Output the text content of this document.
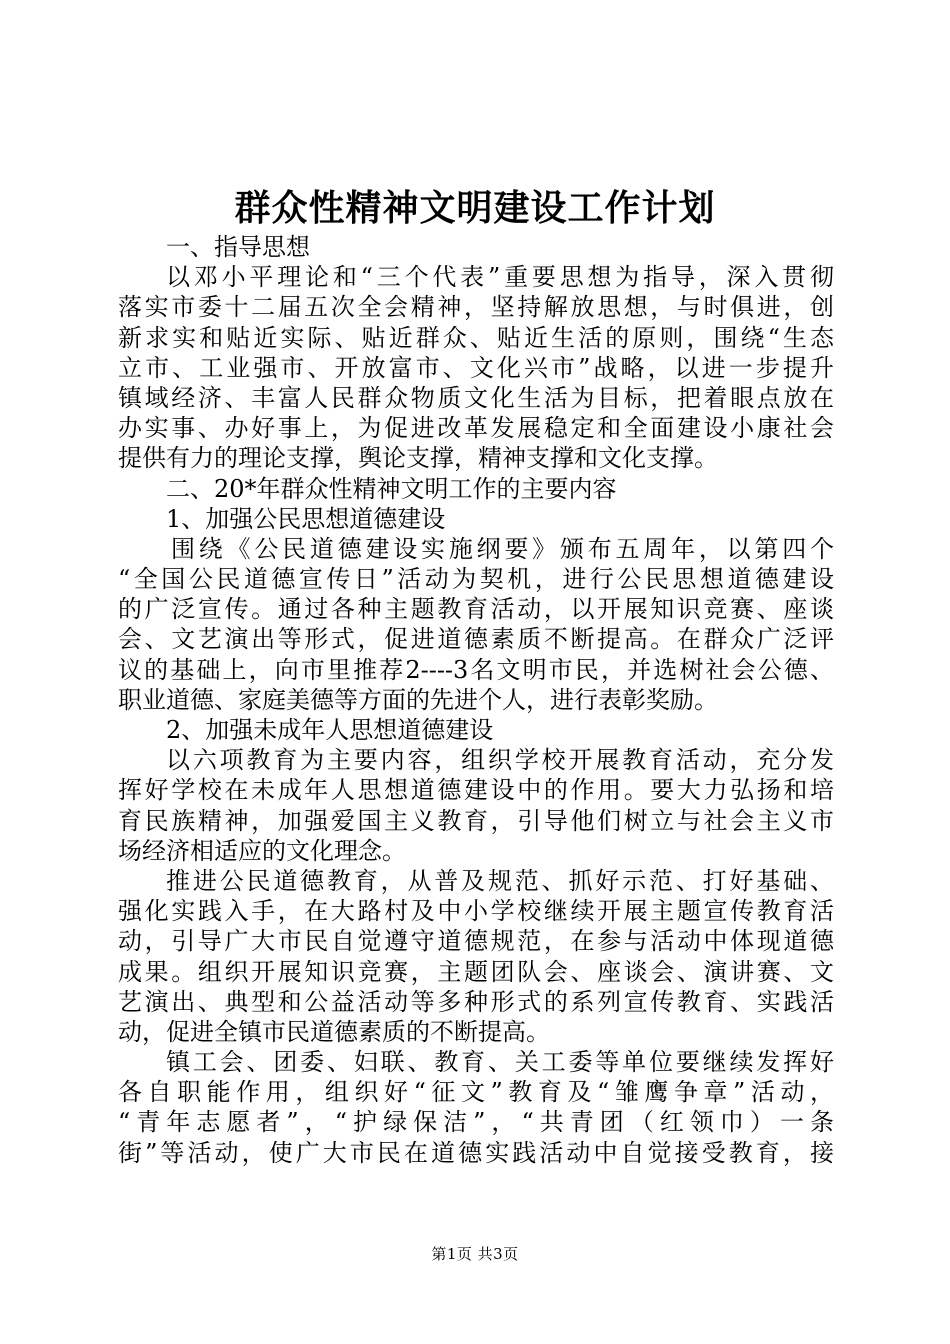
群众性精神文明建设工作计划
一、指导思想
以邓小平理论和“三个代表”重要思想为指导，深入贯彻
落实市委十二届五次全会精神，坚持解放思想，与时俱进，创
新求实和贴近实际、贴近群众、贴近生活的原则，围绕“生态
立市、工业强市、开放富市、文化兴市”战略，以进一步提升
镇域经济、丰富人民群众物质文化生活为目标，把着眼点放在
办实事、办好事上，为促进改革发展稳定和全面建设小康社会
提供有力的理论支撑，舆论支撑，精神支撑和文化支撑。
二、20*年群众性精神文明工作的主要内容
1、加强公民思想道德建设
围绕《公民道德建设实施纲要》颁布五周年，以第四个
“全国公民道德宣传日”活动为契机，进行公民思想道德建设
的广泛宣传。通过各种主题教育活动，以开展知识竞赛、座谈
会、文艺演出等形式，促进道德素质不断提高。在群众广泛评
议的基础上，向市里推荐2----3名文明市民，并选树社会公德、
职业道德、家庭美德等方面的先进个人，进行表彰奖励。
2、加强未成年人思想道德建设
以六项教育为主要内容，组织学校开展教育活动，充分发
挥好学校在未成年人思想道德建设中的作用。要大力弘扬和培
育民族精神，加强爱国主义教育，引导他们树立与社会主义市
场经济相适应的文化理念。
推进公民道德教育，从普及规范、抓好示范、打好基础、
强化实践入手，在大路村及中小学校继续开展主题宣传教育活
动，引导广大市民自觉遵守道德规范，在参与活动中体现道德
成果。组织开展知识竞赛，主题团队会、座谈会、演讲赛、文
艺演出、典型和公益活动等多种形式的系列宣传教育、实践活
动，促进全镇市民道德素质的不断提高。
镇工会、团委、妇联、教育、关工委等单位要继续发挥好
各自职能作用，组织好“征文”教育及“雏鹰争章”活动，
“青年志愿者”，“护绿保洁”，“共青团（红领巾）一条
街”等活动，使广大市民在道德实践活动中自觉接受教育，接
第1页 共3页
